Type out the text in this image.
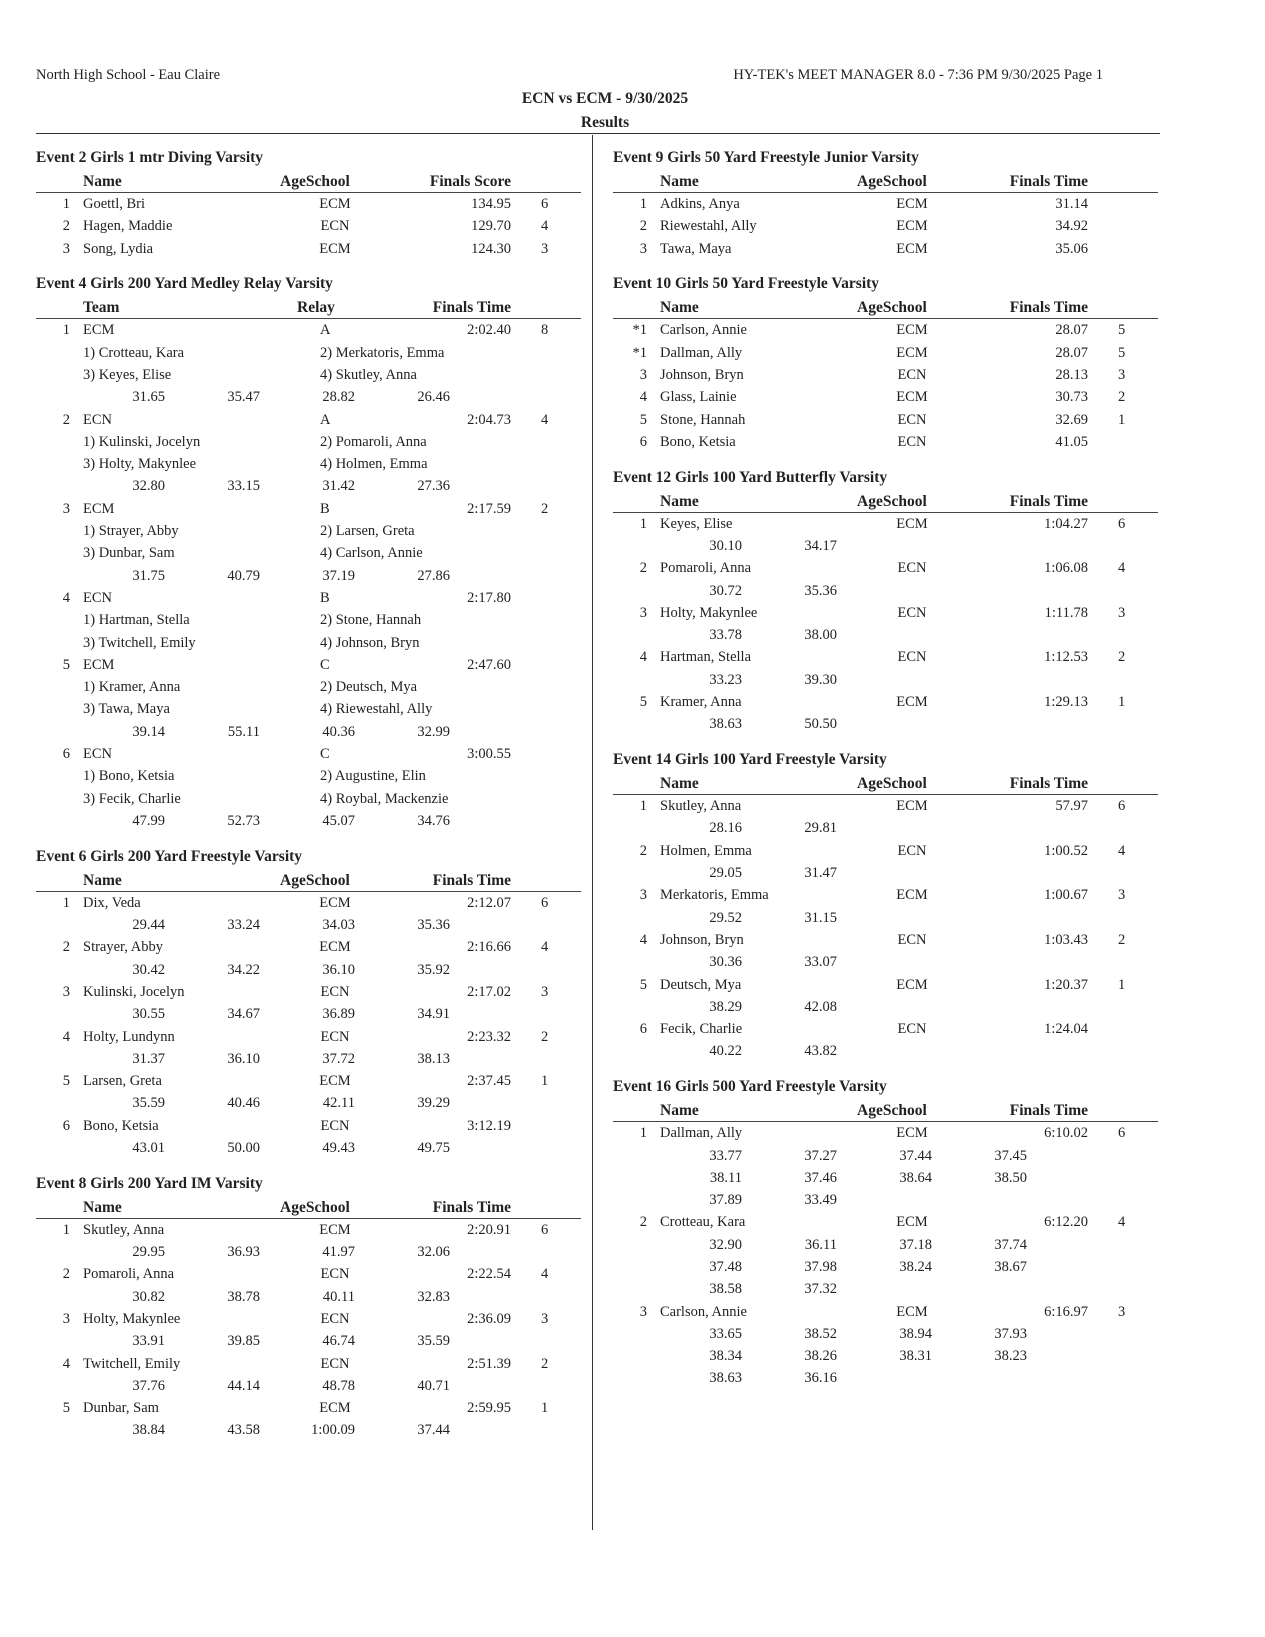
North High School - Eau Claire	HY-TEK's MEET MANAGER 8.0 - 7:36 PM 9/30/2025 Page 1
ECN vs ECM - 9/30/2025
Results
Event 2 Girls 1 mtr Diving Varsity
Name	AgeSchool	Finals Score
1 Goettl, Bri	ECM	134.95 6
2 Hagen, Maddie	ECN	129.70 4
3 Song, Lydia	ECM	124.30 3
Event 4 Girls 200 Yard Medley Relay Varsity
Team	Relay	Finals Time
1 ECM	A	2:02.40 8
1) Crotteau, Kara	2) Merkatoris, Emma
3) Keyes, Elise	4) Skutley, Anna
31.65	35.47	28.82	26.46
2 ECN	A	2:04.73 4
1) Kulinski, Jocelyn	2) Pomaroli, Anna
3) Holty, Makynlee	4) Holmen, Emma
32.80	33.15	31.42	27.36
3 ECM	B	2:17.59 2
1) Strayer, Abby	2) Larsen, Greta
3) Dunbar, Sam	4) Carlson, Annie
31.75	40.79	37.19	27.86
4 ECN	B	2:17.80
1) Hartman, Stella	2) Stone, Hannah
3) Twitchell, Emily	4) Johnson, Bryn
5 ECM	C	2:47.60
1) Kramer, Anna	2) Deutsch, Mya
3) Tawa, Maya	4) Riewestahl, Ally
39.14	55.11	40.36	32.99
6 ECN	C	3:00.55
1) Bono, Ketsia	2) Augustine, Elin
3) Fecik, Charlie	4) Roybal, Mackenzie
47.99	52.73	45.07	34.76
Event 6 Girls 200 Yard Freestyle Varsity
Name	AgeSchool	Finals Time
1 Dix, Veda	ECM	2:12.07 6
29.44	33.24	34.03	35.36
2 Strayer, Abby	ECM	2:16.66 4
30.42	34.22	36.10	35.92
3 Kulinski, Jocelyn	ECN	2:17.02 3
30.55	34.67	36.89	34.91
4 Holty, Lundynn	ECN	2:23.32 2
31.37	36.10	37.72	38.13
5 Larsen, Greta	ECM	2:37.45 1
35.59	40.46	42.11	39.29
6 Bono, Ketsia	ECN	3:12.19
43.01	50.00	49.43	49.75
Event 8 Girls 200 Yard IM Varsity
Name	AgeSchool	Finals Time
1 Skutley, Anna	ECM	2:20.91 6
29.95	36.93	41.97	32.06
2 Pomaroli, Anna	ECN	2:22.54 4
30.82	38.78	40.11	32.83
3 Holty, Makynlee	ECN	2:36.09 3
33.91	39.85	46.74	35.59
4 Twitchell, Emily	ECN	2:51.39 2
37.76	44.14	48.78	40.71
5 Dunbar, Sam	ECM	2:59.95 1
38.84	43.58	1:00.09	37.44
Event 9 Girls 50 Yard Freestyle Junior Varsity
Name	AgeSchool	Finals Time
1 Adkins, Anya	ECM	31.14
2 Riewestahl, Ally	ECM	34.92
3 Tawa, Maya	ECM	35.06
Event 10 Girls 50 Yard Freestyle Varsity
Name	AgeSchool	Finals Time
*1 Carlson, Annie	ECM	28.07 5
*1 Dallman, Ally	ECM	28.07 5
3 Johnson, Bryn	ECN	28.13 3
4 Glass, Lainie	ECM	30.73 2
5 Stone, Hannah	ECN	32.69 1
6 Bono, Ketsia	ECN	41.05
Event 12 Girls 100 Yard Butterfly Varsity
Name	AgeSchool	Finals Time
1 Keyes, Elise	ECM	1:04.27 6
30.10	34.17
2 Pomaroli, Anna	ECN	1:06.08 4
30.72	35.36
3 Holty, Makynlee	ECN	1:11.78 3
33.78	38.00
4 Hartman, Stella	ECN	1:12.53 2
33.23	39.30
5 Kramer, Anna	ECM	1:29.13 1
38.63	50.50
Event 14 Girls 100 Yard Freestyle Varsity
Name	AgeSchool	Finals Time
1 Skutley, Anna	ECM	57.97 6
28.16	29.81
2 Holmen, Emma	ECN	1:00.52 4
29.05	31.47
3 Merkatoris, Emma	ECM	1:00.67 3
29.52	31.15
4 Johnson, Bryn	ECN	1:03.43 2
30.36	33.07
5 Deutsch, Mya	ECM	1:20.37 1
38.29	42.08
6 Fecik, Charlie	ECN	1:24.04
40.22	43.82
Event 16 Girls 500 Yard Freestyle Varsity
Name	AgeSchool	Finals Time
1 Dallman, Ally	ECM	6:10.02 6
33.77	37.27	37.44	37.45
38.11	37.46	38.64	38.50
37.89	33.49
2 Crotteau, Kara	ECM	6:12.20 4
32.90	36.11	37.18	37.74
37.48	37.98	38.24	38.67
38.58	37.32
3 Carlson, Annie	ECM	6:16.97 3
33.65	38.52	38.94	37.93
38.34	38.26	38.31	38.23
38.63	36.16
